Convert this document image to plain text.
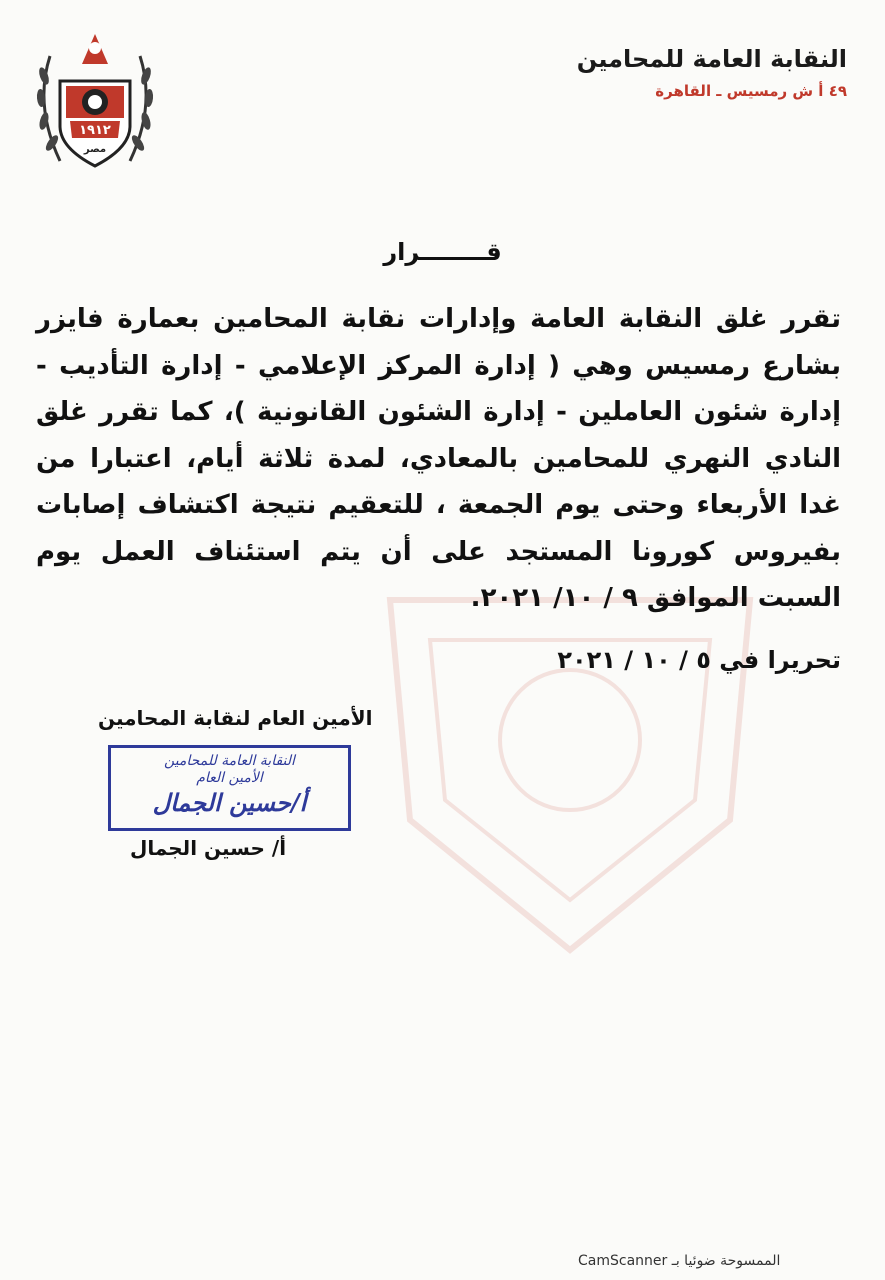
النقابة العامة للمحامين
٤٩ أ ش رمسيس ـ القاهرة
١٩١٢
مصر
قــــــــرار
تقرر غلق النقابة العامة وإدارات نقابة المحامين بعمارة فايزر بشارع رمسيس وهي ( إدارة المركز الإعلامي - إدارة التأديب - إدارة شئون العاملين - إدارة الشئون القانونية )، كما تقرر غلق النادي النهري للمحامين بالمعادي، لمدة ثلاثة أيام، اعتبارا من غدا الأربعاء وحتى يوم الجمعة ، للتعقيم نتيجة اكتشاف إصابات بفيروس كورونا المستجد على أن يتم استئناف العمل يوم السبت الموافق ٩ / ١٠/ ٢٠٢١.
تحريرا في ٥ / ١٠ / ٢٠٢١
الأمين العام لنقابة المحامين
النقابة العامة للمحامين
الأمين العام
أ/حسين الجمال
أ/ حسين الجمال
الممسوحة ضوئيا بـ CamScanner
